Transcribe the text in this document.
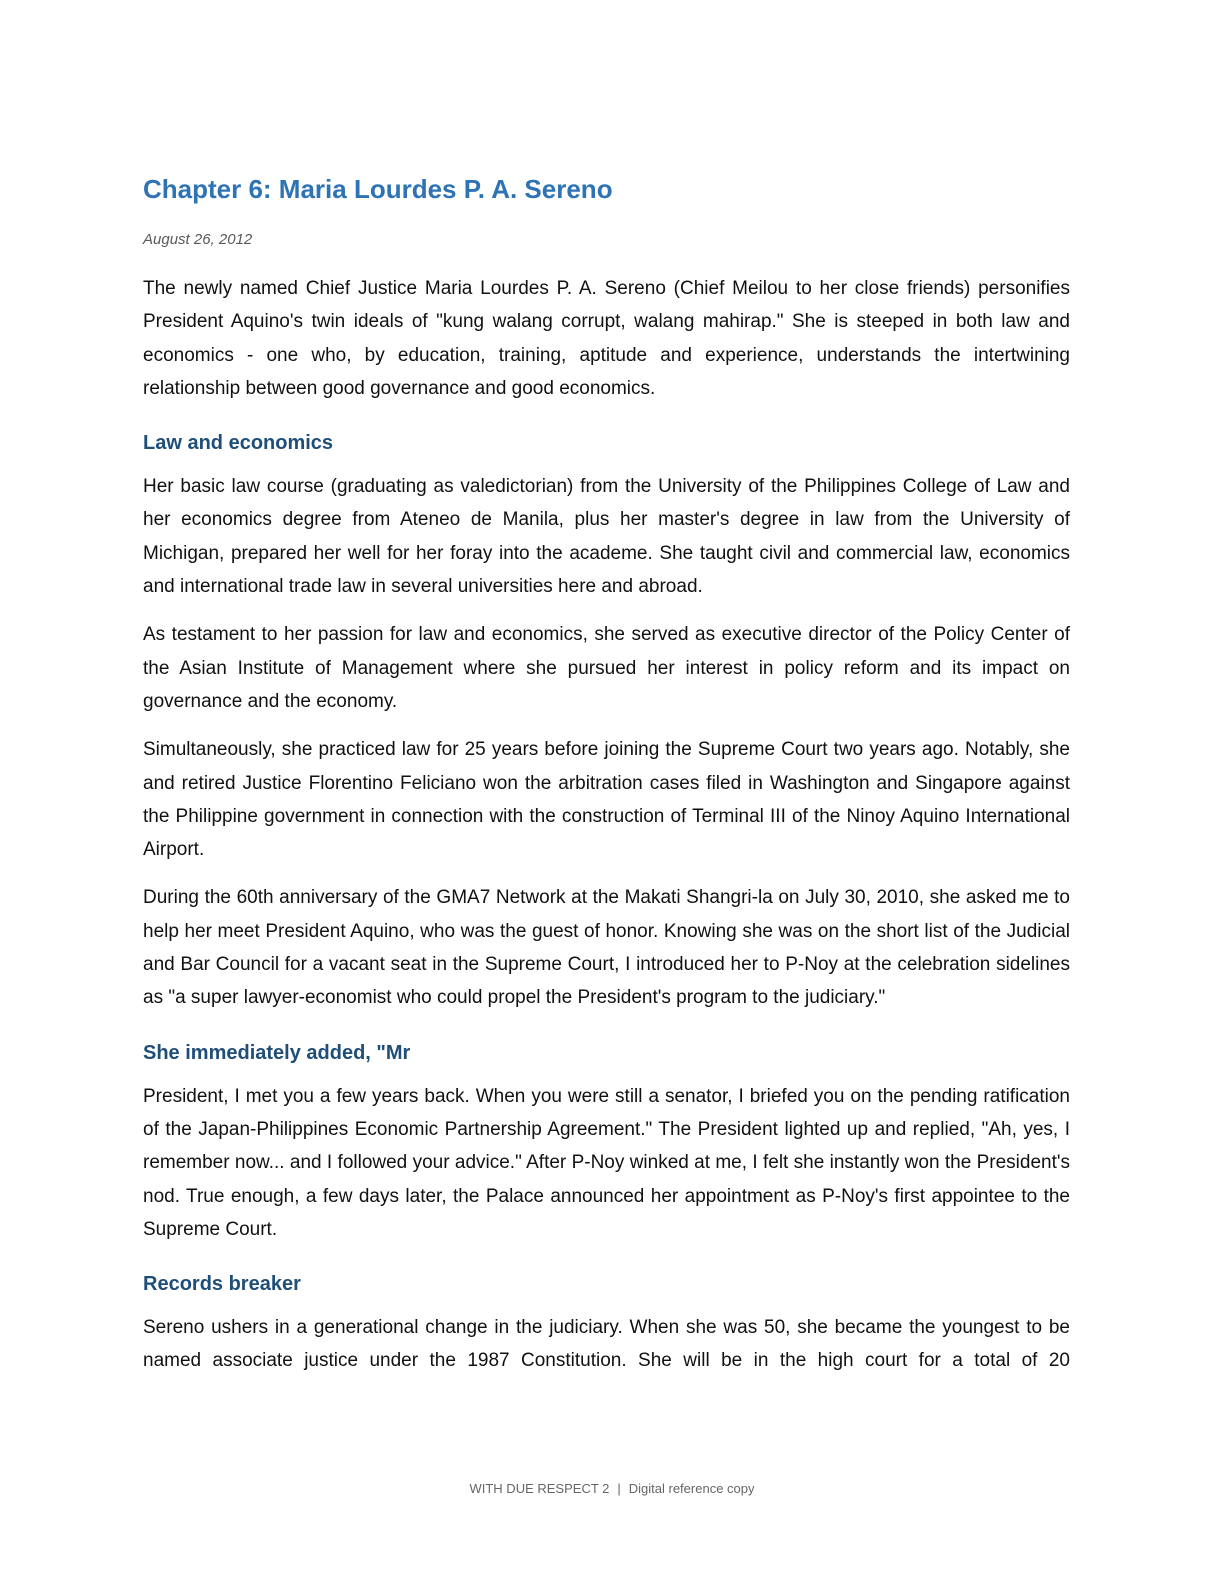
Chapter 6: Maria Lourdes P. A. Sereno
August 26, 2012

The newly named Chief Justice Maria Lourdes P. A. Sereno (Chief Meilou to her close friends) personifies President Aquino's twin ideals of "kung walang corrupt, walang mahirap." She is steeped in both law and economics - one who, by education, training, aptitude and experience, understands the intertwining relationship between good governance and good economics.

Law and economics

Her basic law course (graduating as valedictorian) from the University of the Philippines College of Law and her economics degree from Ateneo de Manila, plus her master's degree in law from the University of Michigan, prepared her well for her foray into the academe. She taught civil and commercial law, economics and international trade law in several universities here and abroad.

As testament to her passion for law and economics, she served as executive director of the Policy Center of the Asian Institute of Management where she pursued her interest in policy reform and its impact on governance and the economy.

Simultaneously, she practiced law for 25 years before joining the Supreme Court two years ago. Notably, she and retired Justice Florentino Feliciano won the arbitration cases filed in Washington and Singapore against the Philippine government in connection with the construction of Terminal III of the Ninoy Aquino International Airport.

During the 60th anniversary of the GMA7 Network at the Makati Shangri-la on July 30, 2010, she asked me to help her meet President Aquino, who was the guest of honor. Knowing she was on the short list of the Judicial and Bar Council for a vacant seat in the Supreme Court, I introduced her to P-Noy at the celebration sidelines as "a super lawyer-economist who could propel the President's program to the judiciary."

She immediately added, "Mr

President, I met you a few years back. When you were still a senator, I briefed you on the pending ratification of the Japan-Philippines Economic Partnership Agreement." The President lighted up and replied, "Ah, yes, I remember now... and I followed your advice." After P-Noy winked at me, I felt she instantly won the President's nod. True enough, a few days later, the Palace announced her appointment as P-Noy's first appointee to the Supreme Court.

Records breaker

Sereno ushers in a generational change in the judiciary. When she was 50, she became the youngest to be named associate justice under the 1987 Constitution. She will be in the high court for a total of 20

WITH DUE RESPECT 2 | Digital reference copy
